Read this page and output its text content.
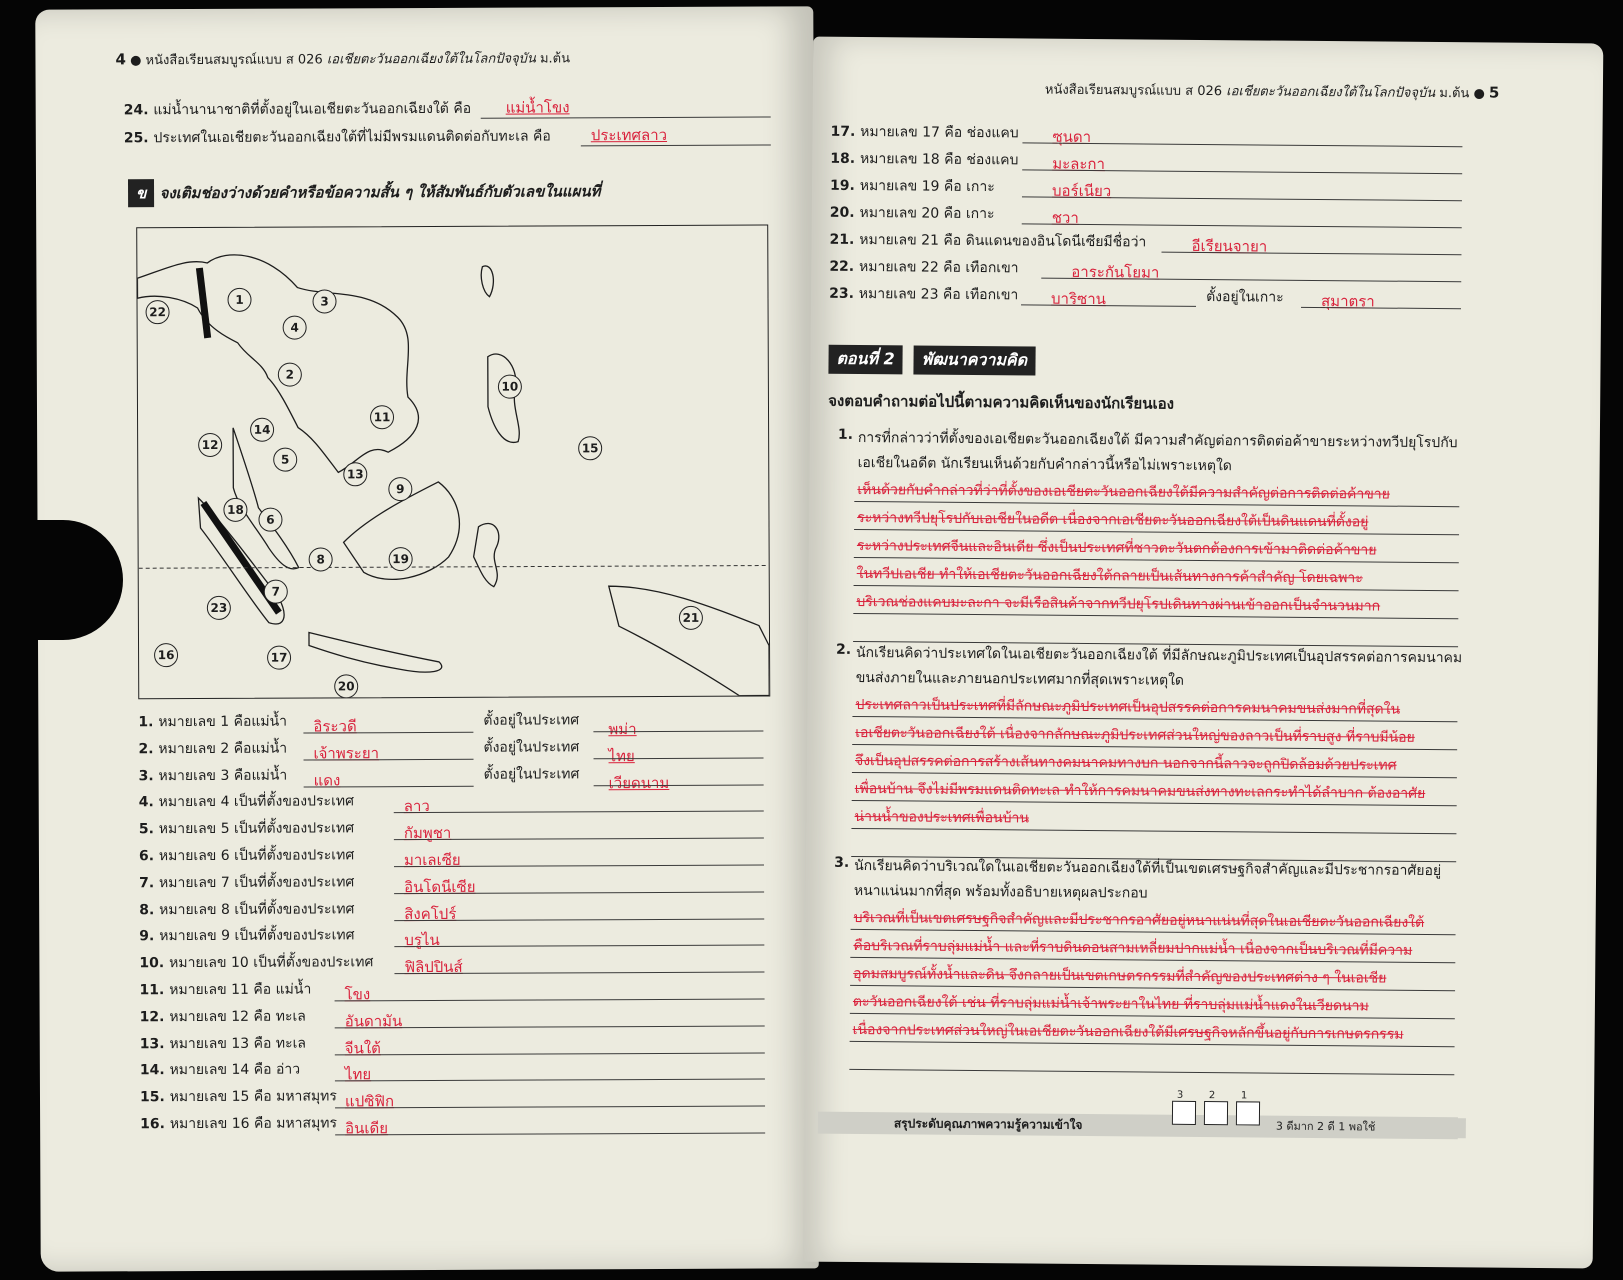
4 ● หนังสือเรียนสมบูรณ์แบบ ส 026 เอเชียตะวันออกเฉียงใต้ในโลกปัจจุบัน ม.ต้น
24. แม่น้ำนานาชาติที่ตั้งอยู่ในเอเชียตะวันออกเฉียงใต้ คือ แม่น้ำโขง
25. ประเทศในเอเชียตะวันออกเฉียงใต้ที่ไม่มีพรมแดนติดต่อกับทะเล คือ	ประเทศลาว
ข จงเติมช่องว่างด้วยคำหรือข้อความสั้น ๆ ให้สัมพันธ์กับตัวเลขในแผนที่
1
2
3
4
5
6
7
8
9
10
11
12
13
14
15
16	17
18
19
20
21
22
23
1. หมายเลข 1 คือแม่น้ำ อิระวดี	ตั้งอยู่ในประเทศ พม่า
2. หมายเลข 2 คือแม่น้ำ เจ้าพระยา	ตั้งอยู่ในประเทศ ไทย
3. หมายเลข 3 คือแม่น้ำ แดง	ตั้งอยู่ในประเทศ เวียดนาม
4. หมายเลข 4 เป็นที่ตั้งของประเทศ	ลาว
5. หมายเลข 5 เป็นที่ตั้งของประเทศ	กัมพูชา
6. หมายเลข 6 เป็นที่ตั้งของประเทศ	มาเลเซีย
7. หมายเลข 7 เป็นที่ตั้งของประเทศ	อินโดนีเซีย
8. หมายเลข 8 เป็นที่ตั้งของประเทศ	สิงคโปร์
9. หมายเลข 9 เป็นที่ตั้งของประเทศ	บรูไน
10. หมายเลข 10 เป็นที่ตั้งของประเทศ ฟิลิปปินส์
11. หมายเลข 11 คือ แม่น้ำ โขง
12. หมายเลข 12 คือ ทะเล	อันดามัน
13. หมายเลข 13 คือ ทะเล	จีนใต้
14. หมายเลข 14 คือ อ่าว	ไทย
15. หมายเลข 15 คือ มหาสมุทร แปซิฟิก
16. หมายเลข 16 คือ มหาสมุทร อินเดีย
หนังสือเรียนสมบูรณ์แบบ ส 026 เอเชียตะวันออกเฉียงใต้ในโลกปัจจุบัน ม.ต้น ● 5
17. หมายเลข 17 คือ ช่องแคบ ซุนดา
18. หมายเลข 18 คือ ช่องแคบ มะละกา
19. หมายเลข 19 คือ เกาะ	บอร์เนียว
20. หมายเลข 20 คือ เกาะ	ชวา
21. หมายเลข 21 คือ ดินแดนของอินโดนีเซียมีชื่อว่า	อีเรียนจายา
22. หมายเลข 22 คือ เทือกเขา	อาระกันโยมา
23. หมายเลข 23 คือ เทือกเขา บาริซาน	ตั้งอยู่ในเกาะ สุมาตรา
ตอนที่ 2 พัฒนาความคิด
จงตอบคำถามต่อไปนี้ตามความคิดเห็นของนักเรียนเอง
1. การที่กล่าวว่าที่ตั้งของเอเชียตะวันออกเฉียงใต้ มีความสำคัญต่อการติดต่อค้าขายระหว่างทวีปยุโรปกับ
เอเชียในอดีต นักเรียนเห็นด้วยกับคำกล่าวนี้หรือไม่เพราะเหตุใด
เห็นด้วยกับคำกล่าวที่ว่าที่ตั้งของเอเชียตะวันออกเฉียงใต้มีความสำคัญต่อการติดต่อค้าขาย
ระหว่างทวีปยุโรปกับเอเชียในอดีต เนื่องจากเอเชียตะวันออกเฉียงใต้เป็นดินแดนที่ตั้งอยู่
ระหว่างประเทศจีนและอินเดีย ซึ่งเป็นประเทศที่ชาวตะวันตกต้องการเข้ามาติดต่อค้าขาย
ในทวีปเอเชีย ทำให้เอเชียตะวันออกเฉียงใต้กลายเป็นเส้นทางการค้าสำคัญ โดยเฉพาะ
บริเวณช่องแคบมะละกา จะมีเรือสินค้าจากทวีปยุโรปเดินทางผ่านเข้าออกเป็นจำนวนมาก
2. นักเรียนคิดว่าประเทศใดในเอเชียตะวันออกเฉียงใต้ ที่มีลักษณะภูมิประเทศเป็นอุปสรรคต่อการคมนาคม
ขนส่งภายในและภายนอกประเทศมากที่สุดเพราะเหตุใด
ประเทศลาวเป็นประเทศที่มีลักษณะภูมิประเทศเป็นอุปสรรคต่อการคมนาคมขนส่งมากที่สุดใน
เอเชียตะวันออกเฉียงใต้ เนื่องจากลักษณะภูมิประเทศส่วนใหญ่ของลาวเป็นที่ราบสูง ที่ราบมีน้อย
จึงเป็นอุปสรรคต่อการสร้างเส้นทางคมนาคมทางบก นอกจากนี้ลาวจะถูกปิดล้อมด้วยประเทศ
เพื่อนบ้าน จึงไม่มีพรมแดนติดทะเล ทำให้การคมนาคมขนส่งทางทะเลกระทำได้ลำบาก ต้องอาศัย
น่านน้ำของประเทศเพื่อนบ้าน
3. นักเรียนคิดว่าบริเวณใดในเอเชียตะวันออกเฉียงใต้ที่เป็นเขตเศรษฐกิจสำคัญและมีประชากรอาศัยอยู่
หนาแน่นมากที่สุด พร้อมทั้งอธิบายเหตุผลประกอบ
บริเวณที่เป็นเขตเศรษฐกิจสำคัญและมีประชากรอาศัยอยู่หนาแน่นที่สุดในเอเชียตะวันออกเฉียงใต้
คือบริเวณที่ราบลุ่มแม่น้ำ และที่ราบดินดอนสามเหลี่ยมปากแม่น้ำ เนื่องจากเป็นบริเวณที่มีความ
อุดมสมบูรณ์ทั้งน้ำและดิน จึงกลายเป็นเขตเกษตรกรรมที่สำคัญของประเทศต่าง ๆ ในเอเชีย
ตะวันออกเฉียงใต้ เช่น ที่ราบลุ่มแม่น้ำเจ้าพระยาในไทย ที่ราบลุ่มแม่น้ำแดงในเวียดนาม
เนื่องจากประเทศส่วนใหญ่ในเอเชียตะวันออกเฉียงใต้มีเศรษฐกิจหลักขึ้นอยู่กับการเกษตรกรรม
สรุประดับคุณภาพความรู้ความเข้าใจ
3	2	1
3 ดีมาก 2 ดี 1 พอใช้
